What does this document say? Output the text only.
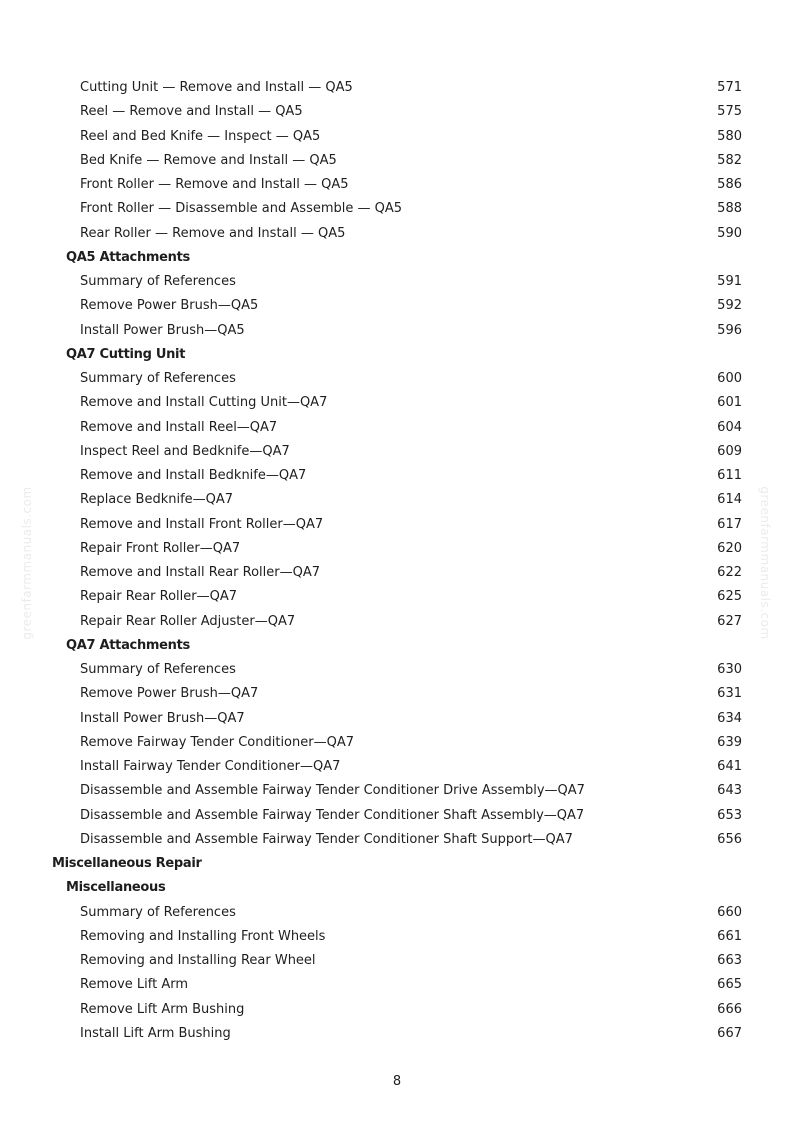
greenfarmmanuals.com	greenfarmmanuals.com
Cutting Unit — Remove and Install — QA5	571
Reel — Remove and Install — QA5	575
Reel and Bed Knife — Inspect — QA5	580
Bed Knife — Remove and Install — QA5	582
Front Roller — Remove and Install — QA5	586
Front Roller — Disassemble and Assemble — QA5	588
Rear Roller — Remove and Install — QA5	590
QA5 Attachments
Summary of References	591
Remove Power Brush—QA5	592
Install Power Brush—QA5	596
QA7 Cutting Unit
Summary of References	600
Remove and Install Cutting Unit—QA7	601
Remove and Install Reel—QA7	604
Inspect Reel and Bedknife—QA7	609
Remove and Install Bedknife—QA7	611
Replace Bedknife—QA7	614
Remove and Install Front Roller—QA7	617
Repair Front Roller—QA7	620
Remove and Install Rear Roller—QA7	622
Repair Rear Roller—QA7	625
Repair Rear Roller Adjuster—QA7	627
QA7 Attachments
Summary of References	630
Remove Power Brush—QA7	631
Install Power Brush—QA7	634
Remove Fairway Tender Conditioner—QA7	639
Install Fairway Tender Conditioner—QA7	641
Disassemble and Assemble Fairway Tender Conditioner Drive Assembly—QA7	643
Disassemble and Assemble Fairway Tender Conditioner Shaft Assembly—QA7	653
Disassemble and Assemble Fairway Tender Conditioner Shaft Support—QA7	656
Miscellaneous Repair
Miscellaneous
Summary of References	660
Removing and Installing Front Wheels	661
Removing and Installing Rear Wheel	663
Remove Lift Arm	665
Remove Lift Arm Bushing	666
Install Lift Arm Bushing	667
8
